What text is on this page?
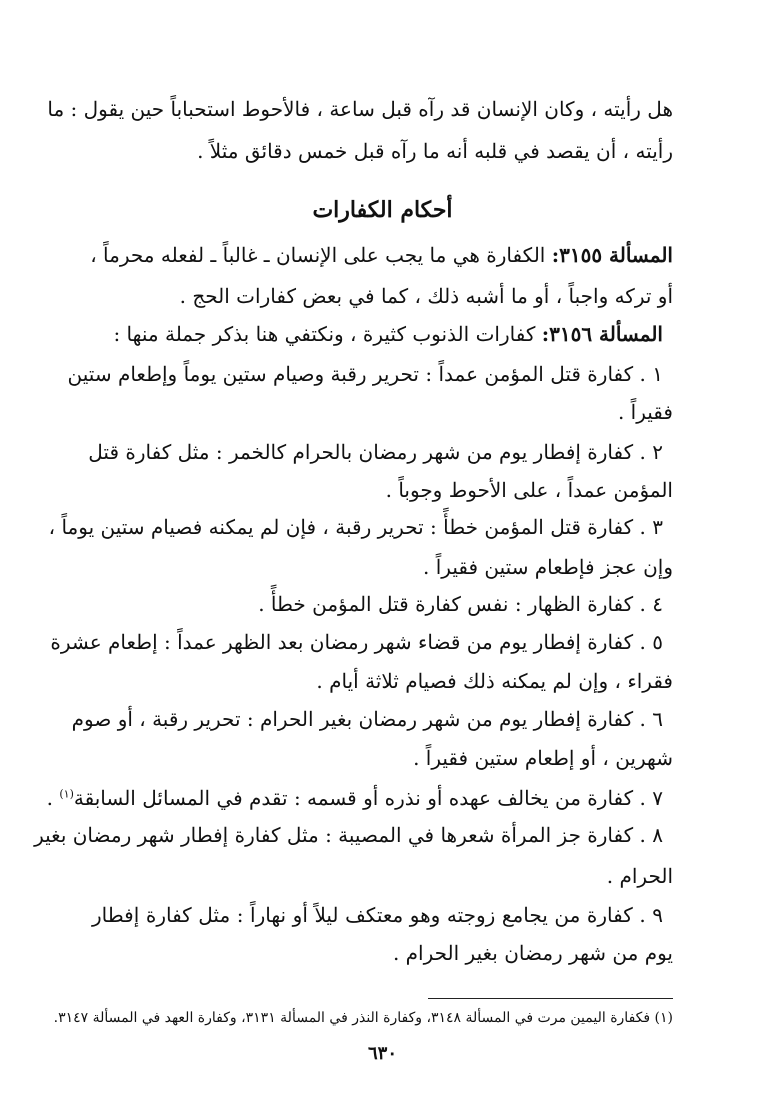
هل رأيته ، وكان الإنسان قد رآه قبل ساعة ، فالأحوط استحباباً حين يقول : ما
رأيته ، أن يقصد في قلبه أنه ما رآه قبل خمس دقائق مثلاً .
أحكام الكفارات
المسألة ٣١٥٥: الكفارة هي ما يجب على الإنسان ـ غالباً ـ لفعله محرماً ،
أو تركه واجباً ، أو ما أشبه ذلك ، كما في بعض كفارات الحج .
المسألة ٣١٥٦: كفارات الذنوب كثيرة ، ونكتفي هنا بذكر جملة منها :
١ . كفارة قتل المؤمن عمداً : تحرير رقبة وصيام ستين يوماً وإطعام ستين
فقيراً .
٢ . كفارة إفطار يوم من شهر رمضان بالحرام كالخمر : مثل كفارة قتل
المؤمن عمداً ، على الأحوط وجوباً .
٣ . كفارة قتل المؤمن خطأً : تحرير رقبة ، فإن لم يمكنه فصيام ستين يوماً ،
وإن عجز فإطعام ستين فقيراً .
٤ . كفارة الظهار : نفس كفارة قتل المؤمن خطأً .
٥ . كفارة إفطار يوم من قضاء شهر رمضان بعد الظهر عمداً : إطعام عشرة
فقراء ، وإن لم يمكنه ذلك فصيام ثلاثة أيام .
٦ . كفارة إفطار يوم من شهر رمضان بغير الحرام : تحرير رقبة ، أو صوم
شهرين ، أو إطعام ستين فقيراً .
٧ . كفارة من يخالف عهده أو نذره أو قسمه : تقدم في المسائل السابقة$^{(١)}$ .
٨ . كفارة جز المرأة شعرها في المصيبة : مثل كفارة إفطار شهر رمضان بغير
الحرام .
٩ . كفارة من يجامع زوجته وهو معتكف ليلاً أو نهاراً : مثل كفارة إفطار
يوم من شهر رمضان بغير الحرام .
(١) فكفارة اليمين مرت في المسألة ٣١٤٨، وكفارة النذر في المسألة ٣١٣١، وكفارة العهد في المسألة ٣١٤٧.
٦٣٠
